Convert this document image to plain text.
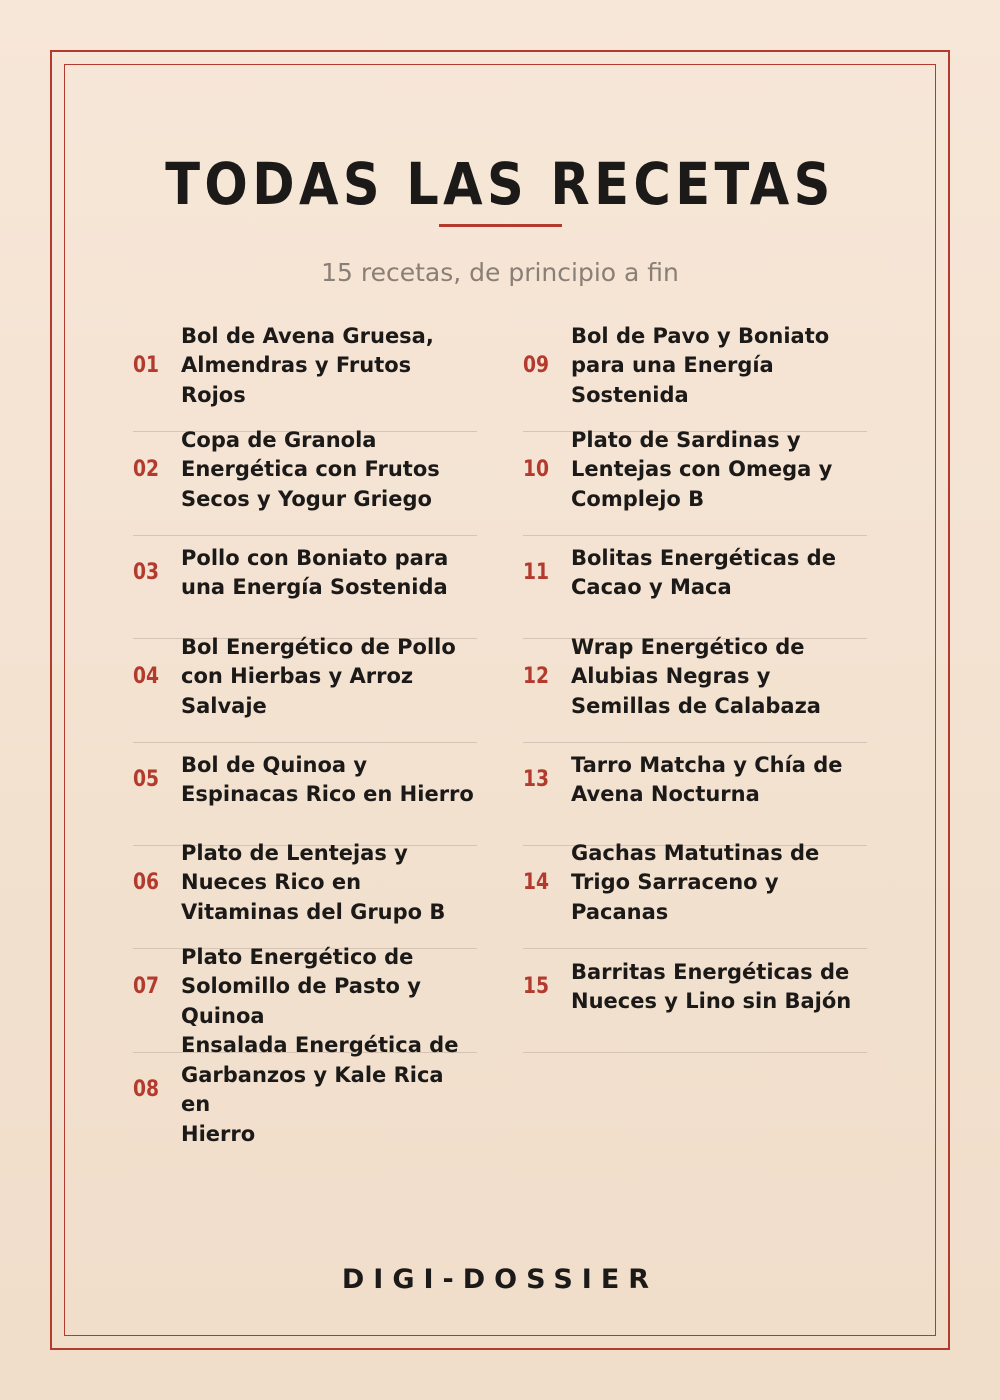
TODAS LAS RECETAS
15 recetas, de principio a fin
01
Bol de Avena Gruesa,
Almendras y Frutos Rojos
02
Copa de Granola
Energética con Frutos
Secos y Yogur Griego
03
Pollo con Boniato para
una Energía Sostenida
04
Bol Energético de Pollo
con Hierbas y Arroz
Salvaje
05
Bol de Quinoa y
Espinacas Rico en Hierro
06
Plato de Lentejas y
Nueces Rico en
Vitaminas del Grupo B
07
Plato Energético de
Solomillo de Pasto y
Quinoa
08
Ensalada Energética de
Garbanzos y Kale Rica en
Hierro
09
Bol de Pavo y Boniato
para una Energía
Sostenida
10
Plato de Sardinas y
Lentejas con Omega y
Complejo B
11
Bolitas Energéticas de
Cacao y Maca
12
Wrap Energético de
Alubias Negras y
Semillas de Calabaza
13
Tarro Matcha y Chía de
Avena Nocturna
14
Gachas Matutinas de
Trigo Sarraceno y
Pacanas
15
Barritas Energéticas de
Nueces y Lino sin Bajón
DIGI-DOSSIER
